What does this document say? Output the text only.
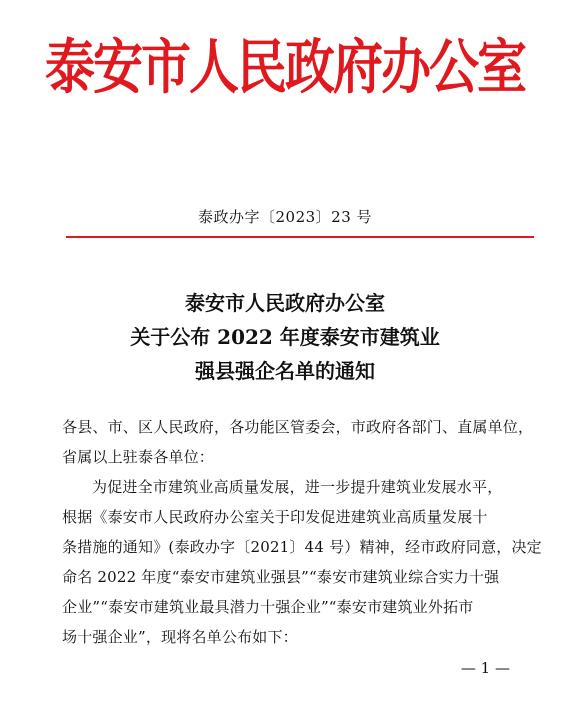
泰安市人民政府办公室
泰政办字〔2023〕23 号
泰安市人民政府办公室
关于公布 2022 年度泰安市建筑业
强县强企名单的通知

各县、市、区人民政府，各功能区管委会，市政府各部门、直属单位，

省属以上驻泰各单位：

为促进全市建筑业高质量发展，进一步提升建筑业发展水平，

根据《泰安市人民政府办公室关于印发促进建筑业高质量发展十

条措施的通知》(泰政办字〔2021〕44 号）精神，经市政府同意，决定

命名 2022 年度“泰安市建筑业强县”“泰安市建筑业综合实力十强

企业”“泰安市建筑业最具潜力十强企业”“泰安市建筑业外拓市

场十强企业”，现将名单公布如下：

— 1 —
